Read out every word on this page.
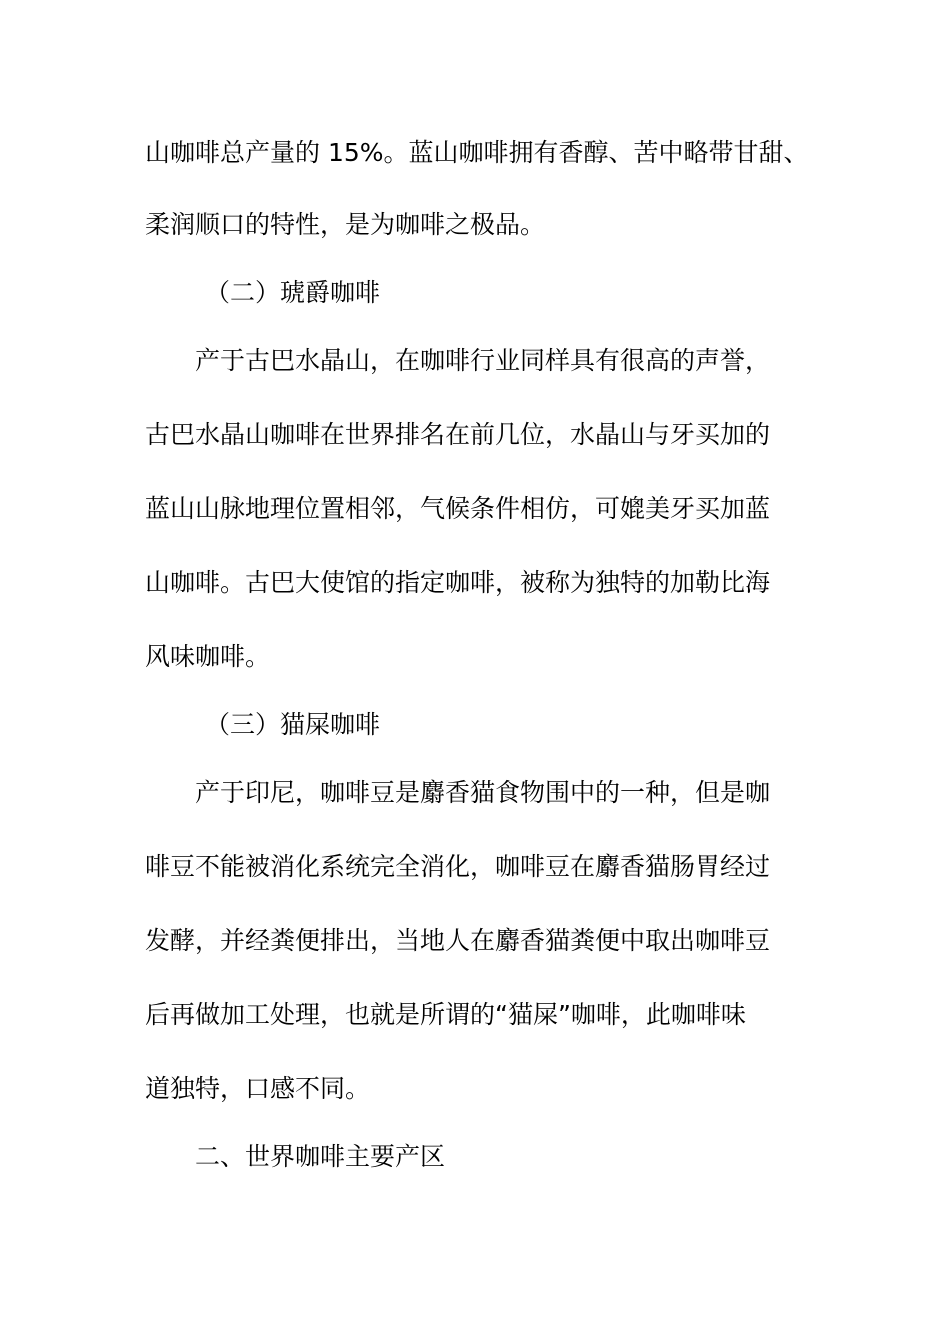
山咖啡总产量的 15%。蓝山咖啡拥有香醇、苦中略带甘甜、
柔润顺口的特性，是为咖啡之极品。
（二）琥爵咖啡
产于古巴水晶山，在咖啡行业同样具有很高的声誉，
古巴水晶山咖啡在世界排名在前几位，水晶山与牙买加的
蓝山山脉地理位置相邻，气候条件相仿，可媲美牙买加蓝
山咖啡。古巴大使馆的指定咖啡，被称为独特的加勒比海
风味咖啡。
（三）猫屎咖啡
产于印尼，咖啡豆是麝香猫食物围中的一种，但是咖
啡豆不能被消化系统完全消化，咖啡豆在麝香猫肠胃经过
发酵，并经粪便排出，当地人在麝香猫粪便中取出咖啡豆
后再做加工处理，也就是所谓的“猫屎”咖啡，此咖啡味
道独特，口感不同。
二、世界咖啡主要产区
